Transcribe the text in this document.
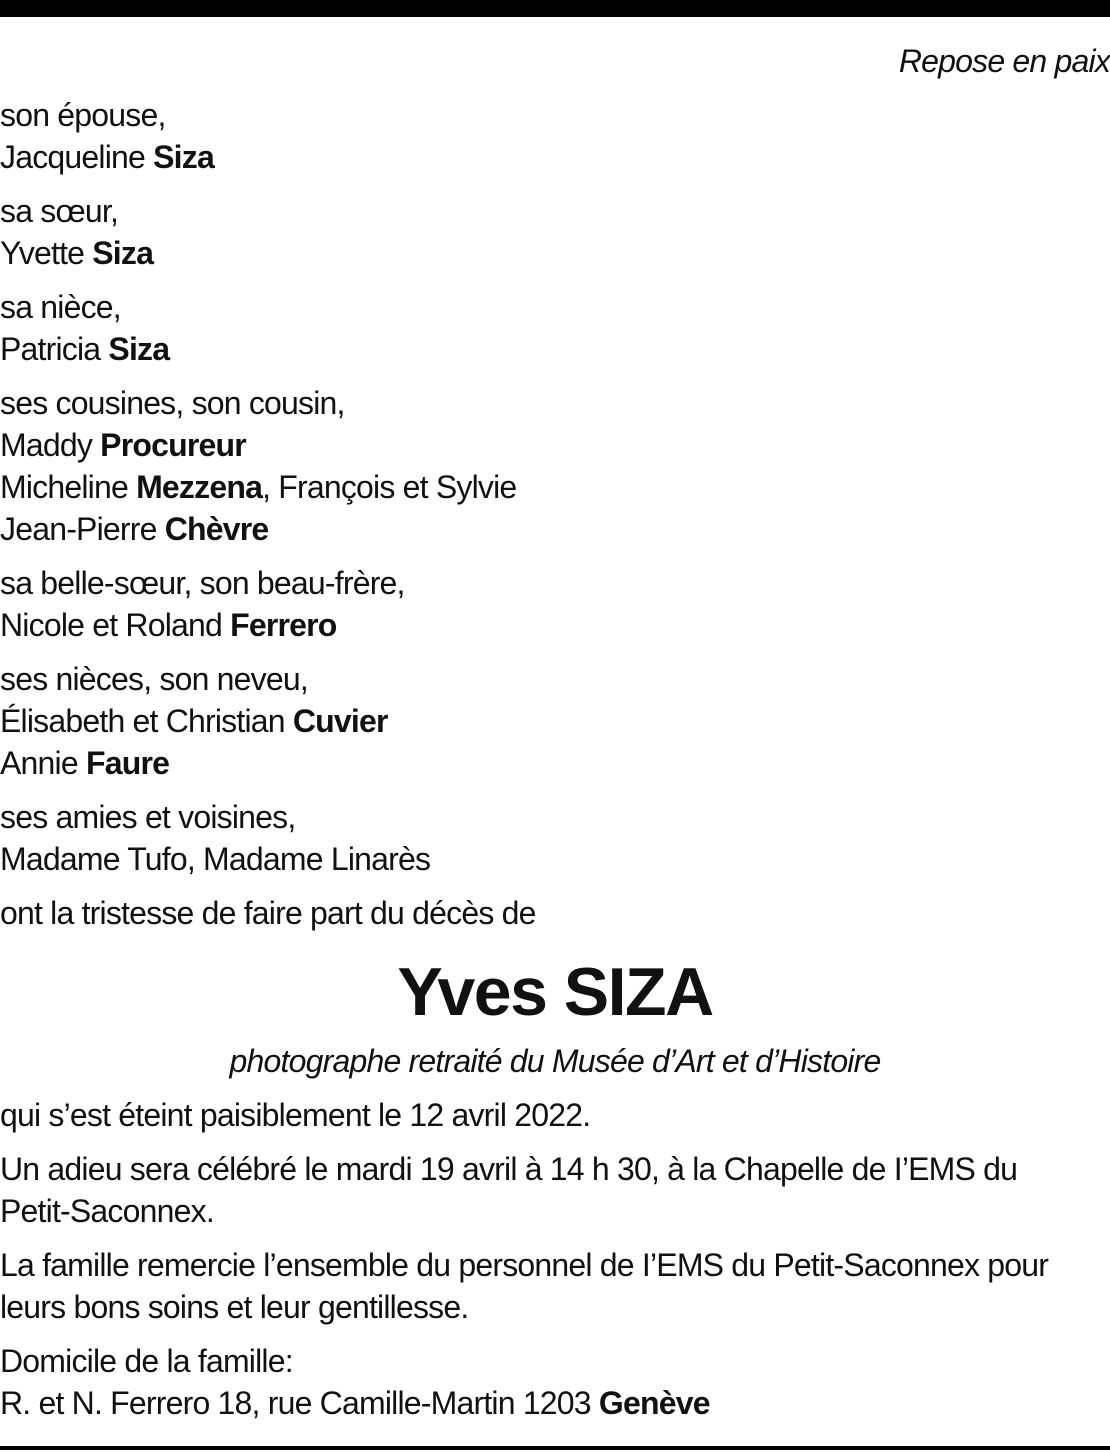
Repose en paix

son épouse,
Jacqueline Siza

sa sœur,
Yvette Siza

sa nièce,
Patricia Siza

ses cousines, son cousin,
Maddy Procureur
Micheline Mezzena, François et Sylvie
Jean-Pierre Chèvre

sa belle-sœur, son beau-frère,
Nicole et Roland Ferrero

ses nièces, son neveu,
Élisabeth et Christian Cuvier
Annie Faure

ses amies et voisines,
Madame Tufo, Madame Linarès

ont la tristesse de faire part du décès de

Yves SIZA

photographe retraité du Musée d’Art et d’Histoire

qui s’est éteint paisiblement le 12 avril 2022.

Un adieu sera célébré le mardi 19 avril à 14 h 30, à la Chapelle de I’EMS du
Petit-Saconnex.

La famille remercie l’ensemble du personnel de I’EMS du Petit-Saconnex pour
leurs bons soins et leur gentillesse.

Domicile de la famille:
R. et N. Ferrero 18, rue Camille-Martin 1203 Genève
